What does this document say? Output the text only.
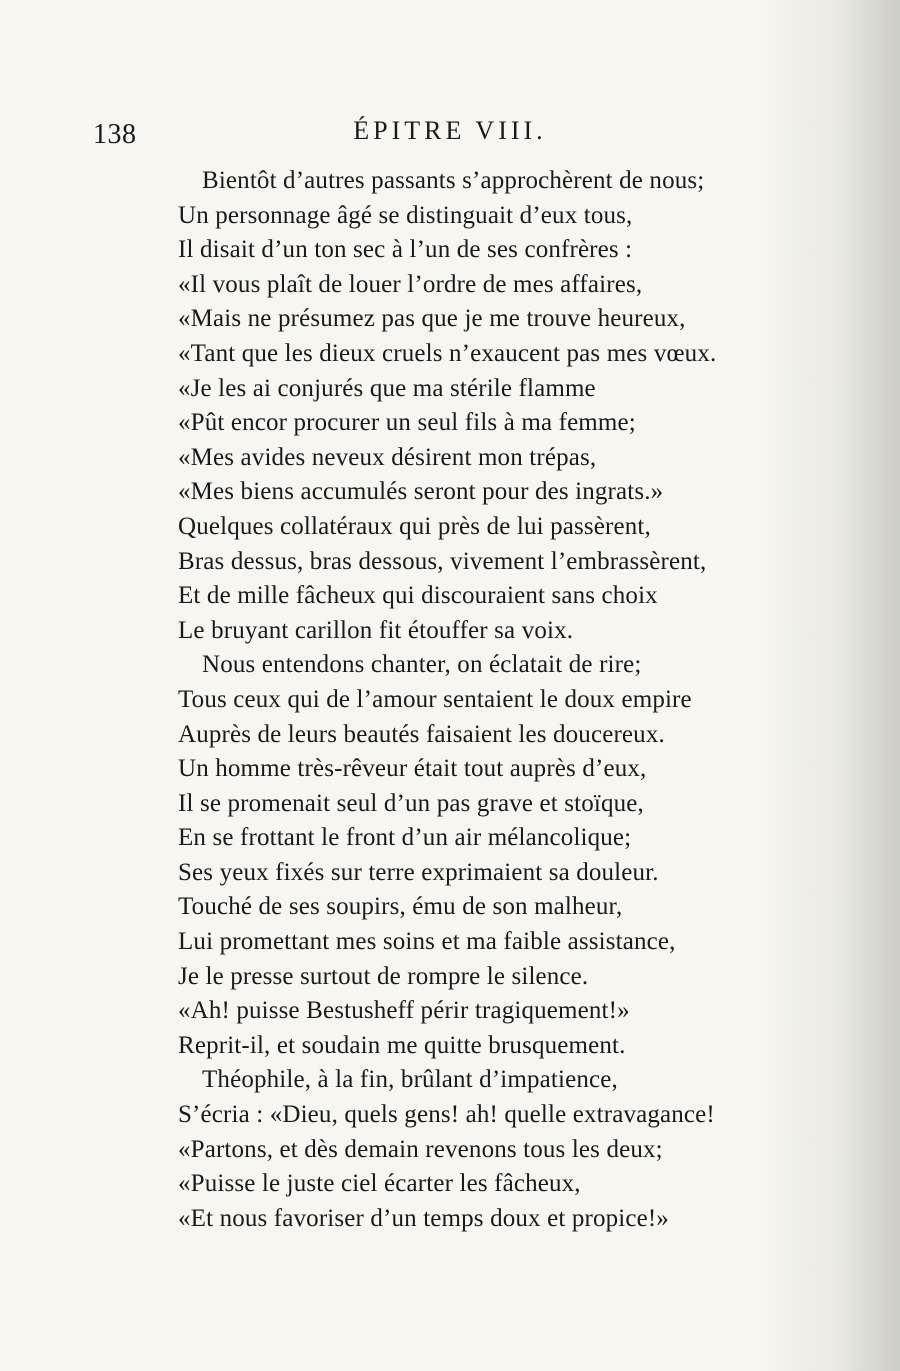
138	ÉPITRE VIII.
Bientôt d’autres passants s’approchèrent de nous;
Un personnage âgé se distinguait d’eux tous,
Il disait d’un ton sec à l’un de ses confrères :
«Il vous plaît de louer l’ordre de mes affaires,
«Mais ne présumez pas que je me trouve heureux,
«Tant que les dieux cruels n’exaucent pas mes vœux.
«Je les ai conjurés que ma stérile flamme
«Pût encor procurer un seul fils à ma femme;
«Mes avides neveux désirent mon trépas,
«Mes biens accumulés seront pour des ingrats.»
Quelques collatéraux qui près de lui passèrent,
Bras dessus, bras dessous, vivement l’embrassèrent,
Et de mille fâcheux qui discouraient sans choix
Le bruyant carillon fit étouffer sa voix.
Nous entendons chanter, on éclatait de rire;
Tous ceux qui de l’amour sentaient le doux empire
Auprès de leurs beautés faisaient les doucereux.
Un homme très-rêveur était tout auprès d’eux,
Il se promenait seul d’un pas grave et stoïque,
En se frottant le front d’un air mélancolique;
Ses yeux fixés sur terre exprimaient sa douleur.
Touché de ses soupirs, ému de son malheur,
Lui promettant mes soins et ma faible assistance,
Je le presse surtout de rompre le silence.
«Ah! puisse Bestusheff périr tragiquement!»
Reprit-il, et soudain me quitte brusquement.
Théophile, à la fin, brûlant d’impatience,
S’écria : «Dieu, quels gens! ah! quelle extravagance!
«Partons, et dès demain revenons tous les deux;
«Puisse le juste ciel écarter les fâcheux,
«Et nous favoriser d’un temps doux et propice!»
